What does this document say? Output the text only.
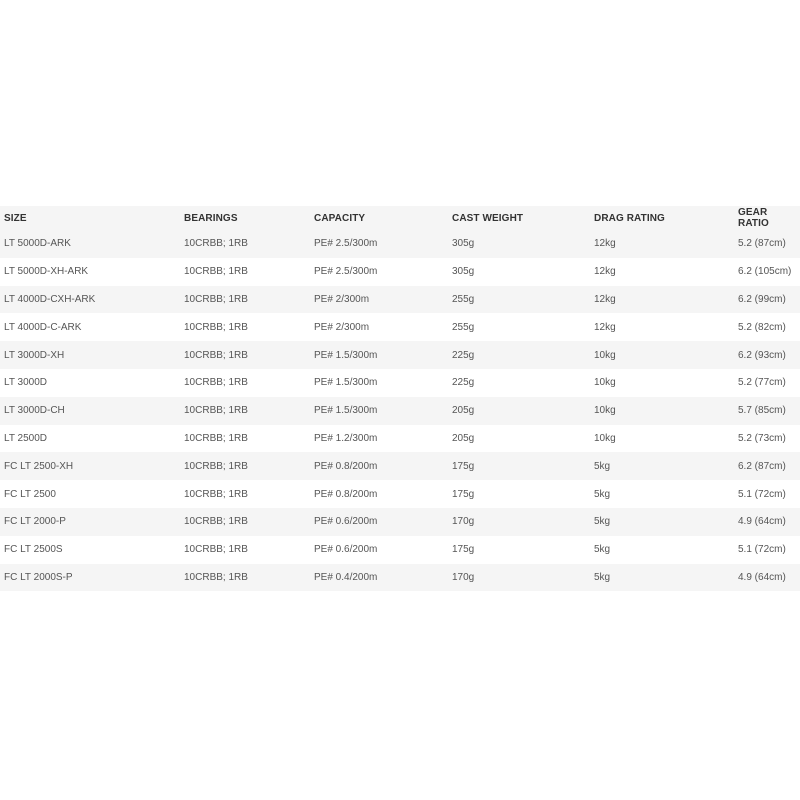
SIZE	BEARINGS	CAPACITY	CAST WEIGHT	DRAG RATING	GEAR RATIO
LT 5000D-ARK	10CRBB; 1RB	PE# 2.5/300m	305g	12kg	5.2 (87cm)
LT 5000D-XH-ARK	10CRBB; 1RB	PE# 2.5/300m	305g	12kg	6.2 (105cm)
LT 4000D-CXH-ARK	10CRBB; 1RB	PE# 2/300m	255g	12kg	6.2 (99cm)
LT 4000D-C-ARK	10CRBB; 1RB	PE# 2/300m	255g	12kg	5.2 (82cm)
LT 3000D-XH	10CRBB; 1RB	PE# 1.5/300m	225g	10kg	6.2 (93cm)
LT 3000D	10CRBB; 1RB	PE# 1.5/300m	225g	10kg	5.2 (77cm)
LT 3000D-CH	10CRBB; 1RB	PE# 1.5/300m	205g	10kg	5.7 (85cm)
LT 2500D	10CRBB; 1RB	PE# 1.2/300m	205g	10kg	5.2 (73cm)
FC LT 2500-XH	10CRBB; 1RB	PE# 0.8/200m	175g	5kg	6.2 (87cm)
FC LT 2500	10CRBB; 1RB	PE# 0.8/200m	175g	5kg	5.1 (72cm)
FC LT 2000-P	10CRBB; 1RB	PE# 0.6/200m	170g	5kg	4.9 (64cm)
FC LT 2500S	10CRBB; 1RB	PE# 0.6/200m	175g	5kg	5.1 (72cm)
FC LT 2000S-P	10CRBB; 1RB	PE# 0.4/200m	170g	5kg	4.9 (64cm)
